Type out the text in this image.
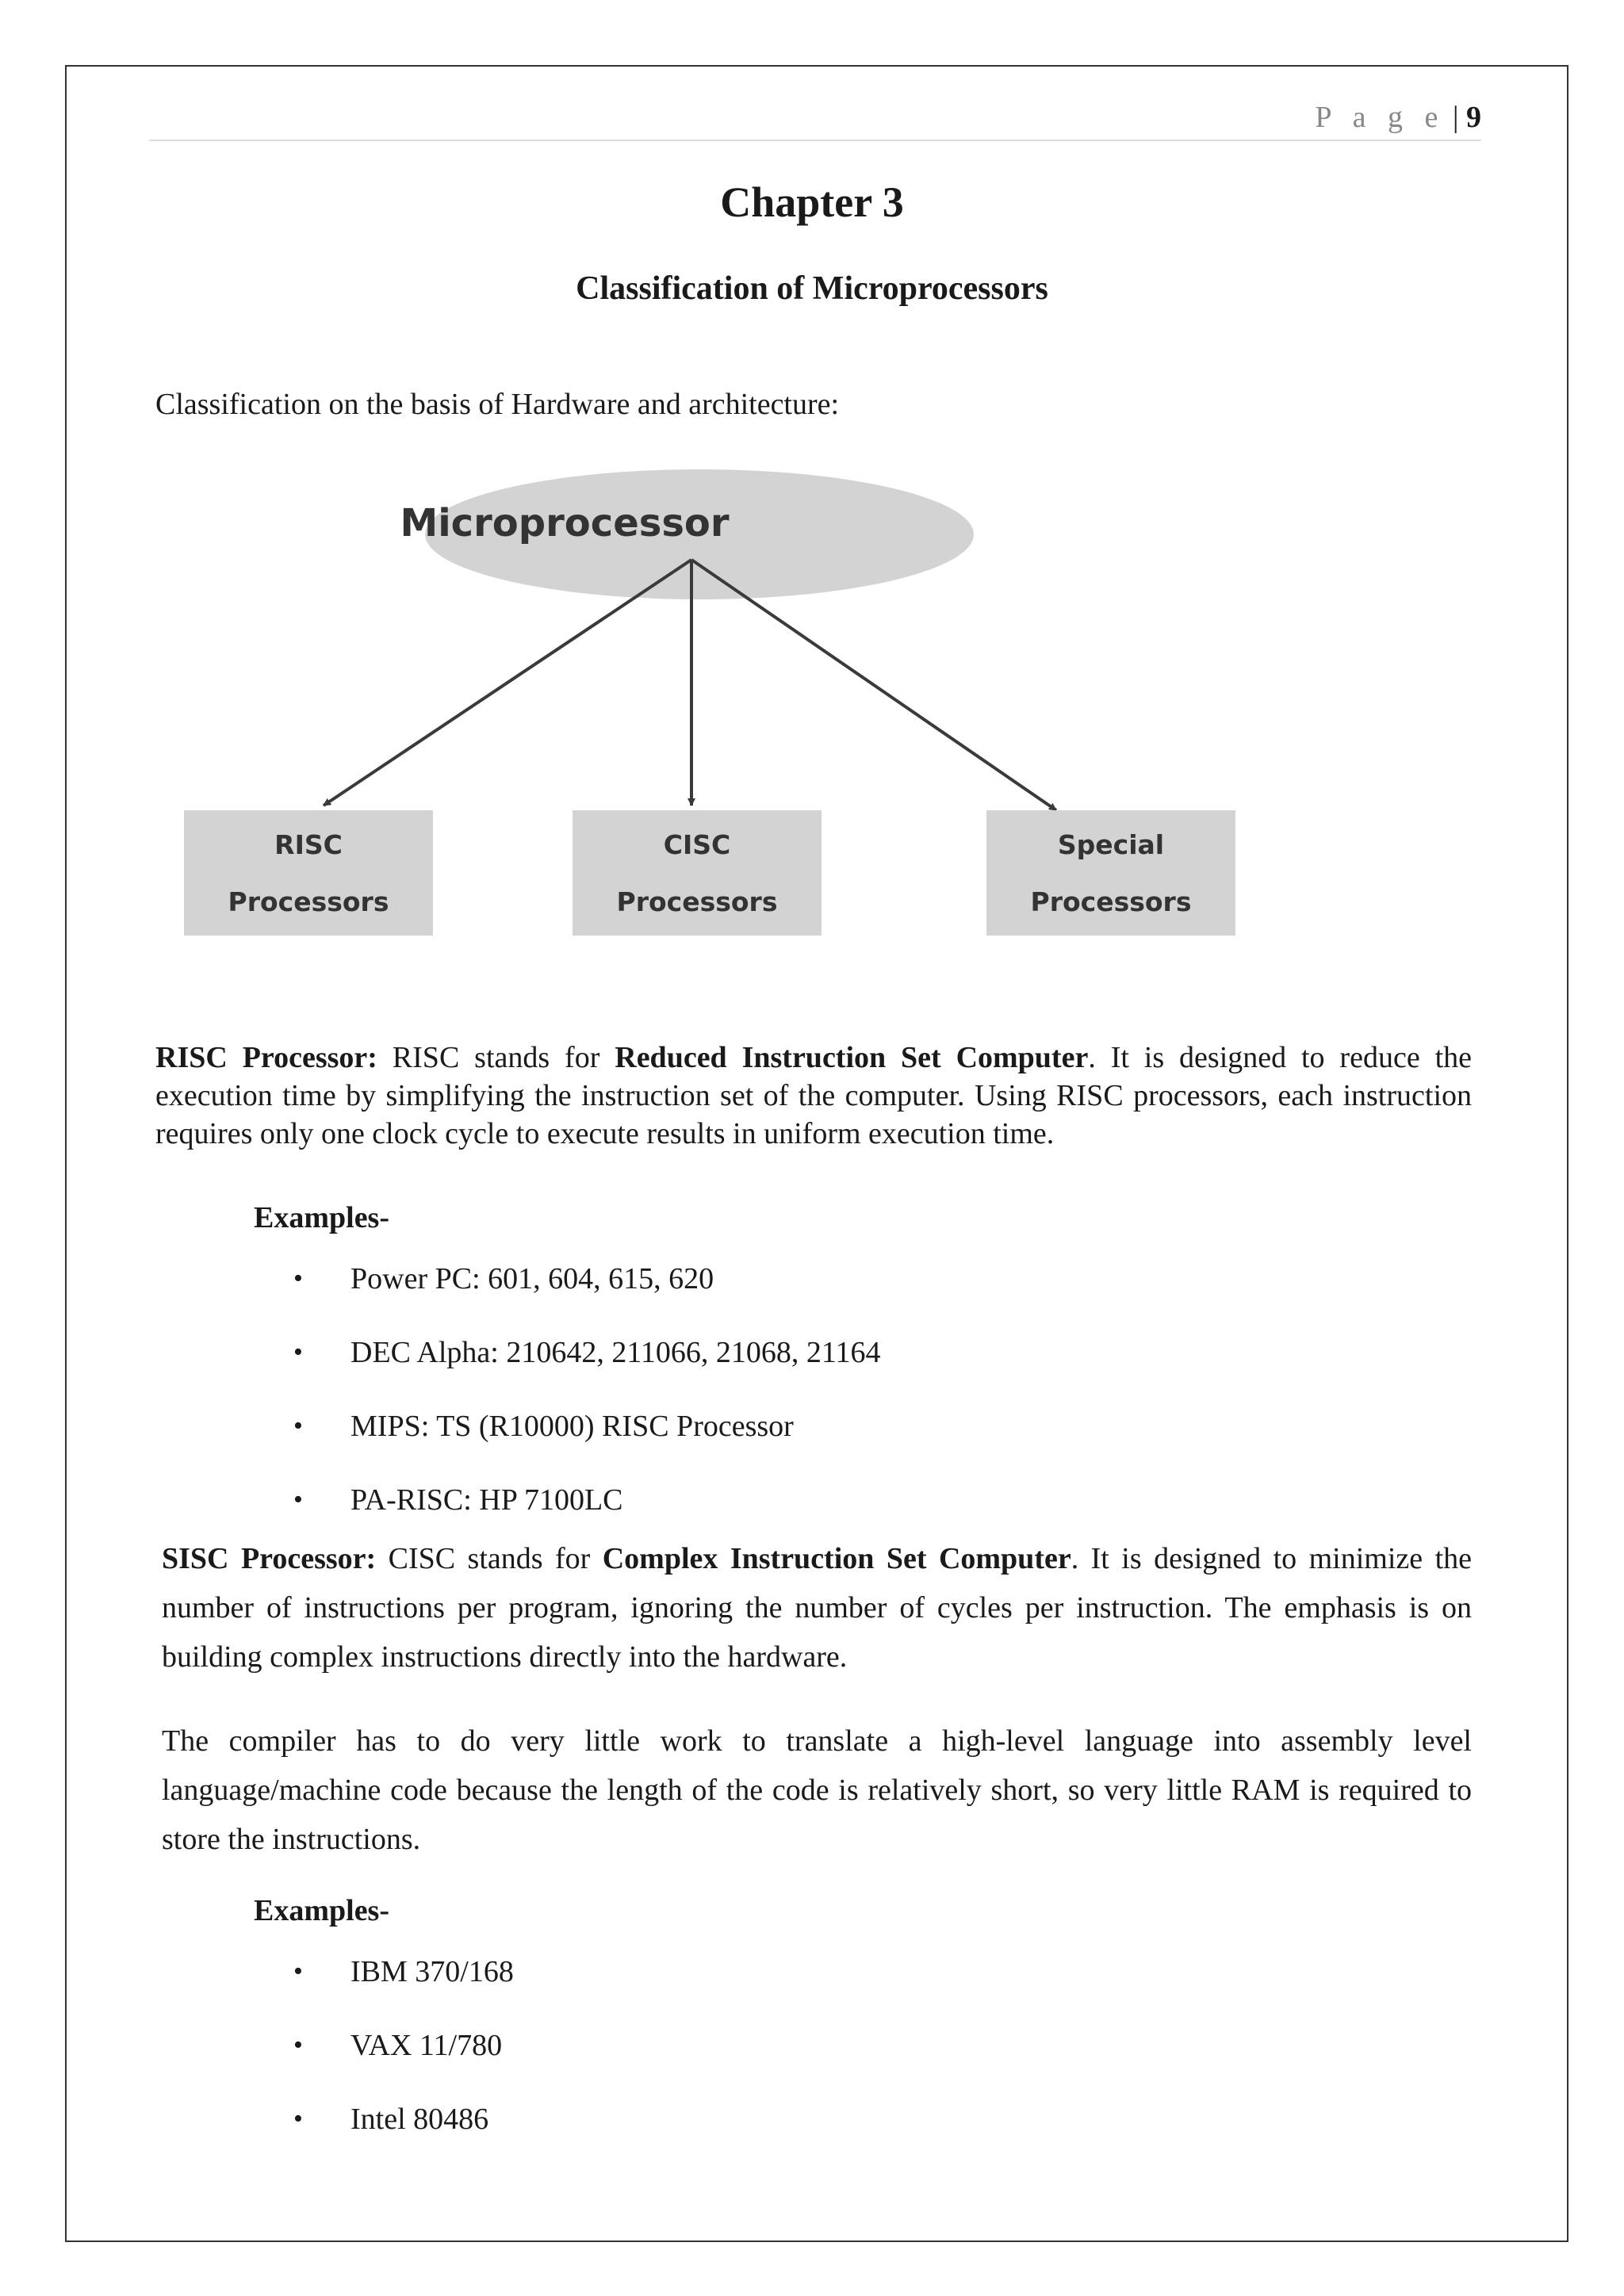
P a g e | 9
Chapter 3
Classification of Microprocessors

Classification on the basis of Hardware and architecture:

Microprocessor
RISC
Processors
CISC
Processors
Special
Processors

RISC Processor: RISC stands for Reduced Instruction Set Computer. It is designed to reduce the execution time by simplifying the instruction set of the computer. Using RISC processors, each instruction requires only one clock cycle to execute results in uniform execution time.

Examples-

• Power PC: 601, 604, 615, 620
• DEC Alpha: 210642, 211066, 21068, 21164
• MIPS: TS (R10000) RISC Processor
• PA-RISC: HP 7100LC

SISC Processor: CISC stands for Complex Instruction Set Computer. It is designed to minimize the number of instructions per program, ignoring the number of cycles per instruction. The emphasis is on building complex instructions directly into the hardware.

The compiler has to do very little work to translate a high-level language into assembly level language/machine code because the length of the code is relatively short, so very little RAM is required to store the instructions.

Examples-

• IBM 370/168
• VAX 11/780
• Intel 80486
